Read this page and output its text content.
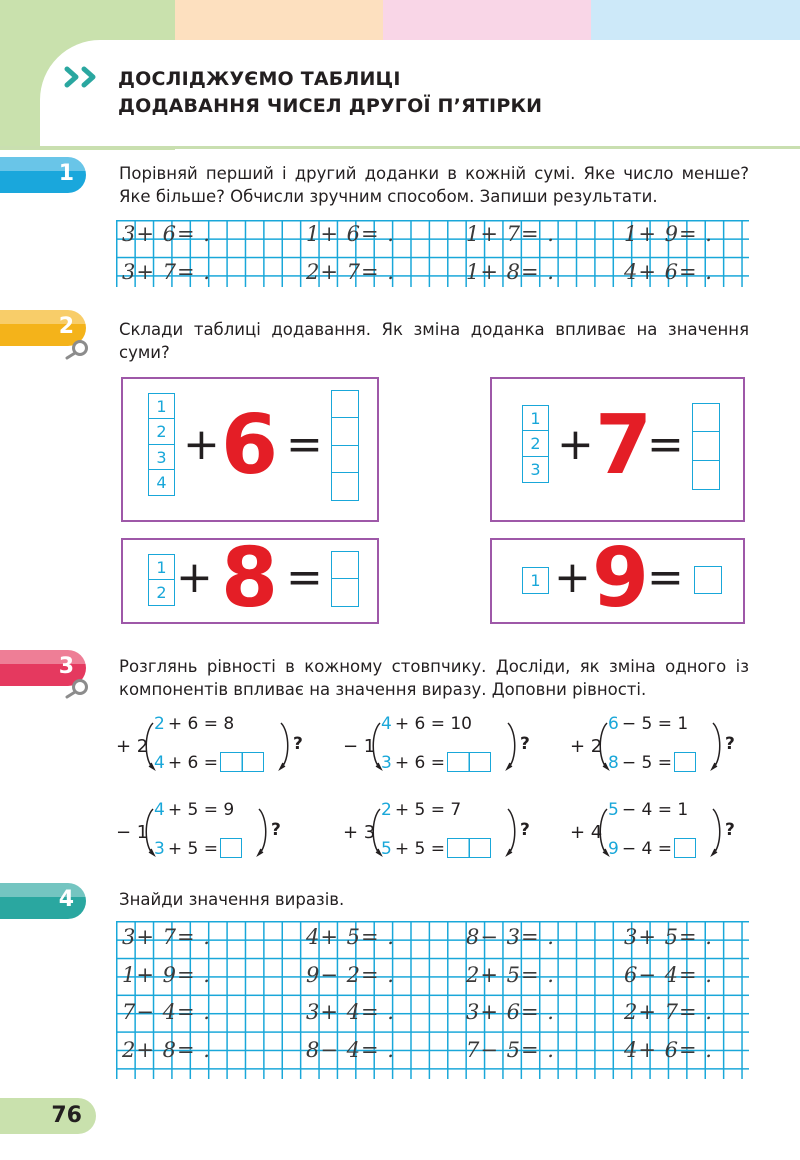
ДОСЛІДЖУЄМО ТАБЛИЦІ
ДОДАВАННЯ ЧИСЕЛ ДРУГОЇ П’ЯТІРКИ
1	Порівняй перший і другий доданки в кожній сумі. Яке число менше? Яке більше? Обчисли зручним способом. Запиши результати.
3+ 6= .	1+ 6= .	1+ 7= .	1+ 9= .
3+ 7= .	2+ 7= .	1+ 8= .	4+ 6= .
2	Склади таблиці додавання. Як зміна доданка впливає на значення суми?
1
2
3
4
+ 6 =
1
2
3 + 7
=
1
2 + 8 =	1 + 9
=
3	Розглянь рівності в кожному стовпчику. Досліди, як зміна одного із компонентів впливає на значення виразу. Доповни рівності.
+ 2
2 + 6 = 8
4 + 6 =
? − 1
4 + 6 = 10
3 + 6 =
? + 2
6 − 5 = 1
8 − 5 =
?
− 1
4 + 5 = 9
3 + 5 =
?	+ 3
2 + 5 = 7
5 + 5 =
? + 4
5 − 4 = 1
9 − 4 =
?
4	Знайди значення виразів.
3+ 7= .	4+ 5= .	8− 3= .	3+ 5= .
1+ 9= .	9− 2= .	2+ 5= .	6− 4= .
7− 4= .	3+ 4= .	3+ 6= .	2+ 7= .
2+ 8= .	8− 4= .	7− 5= .	4+ 6= .
76
